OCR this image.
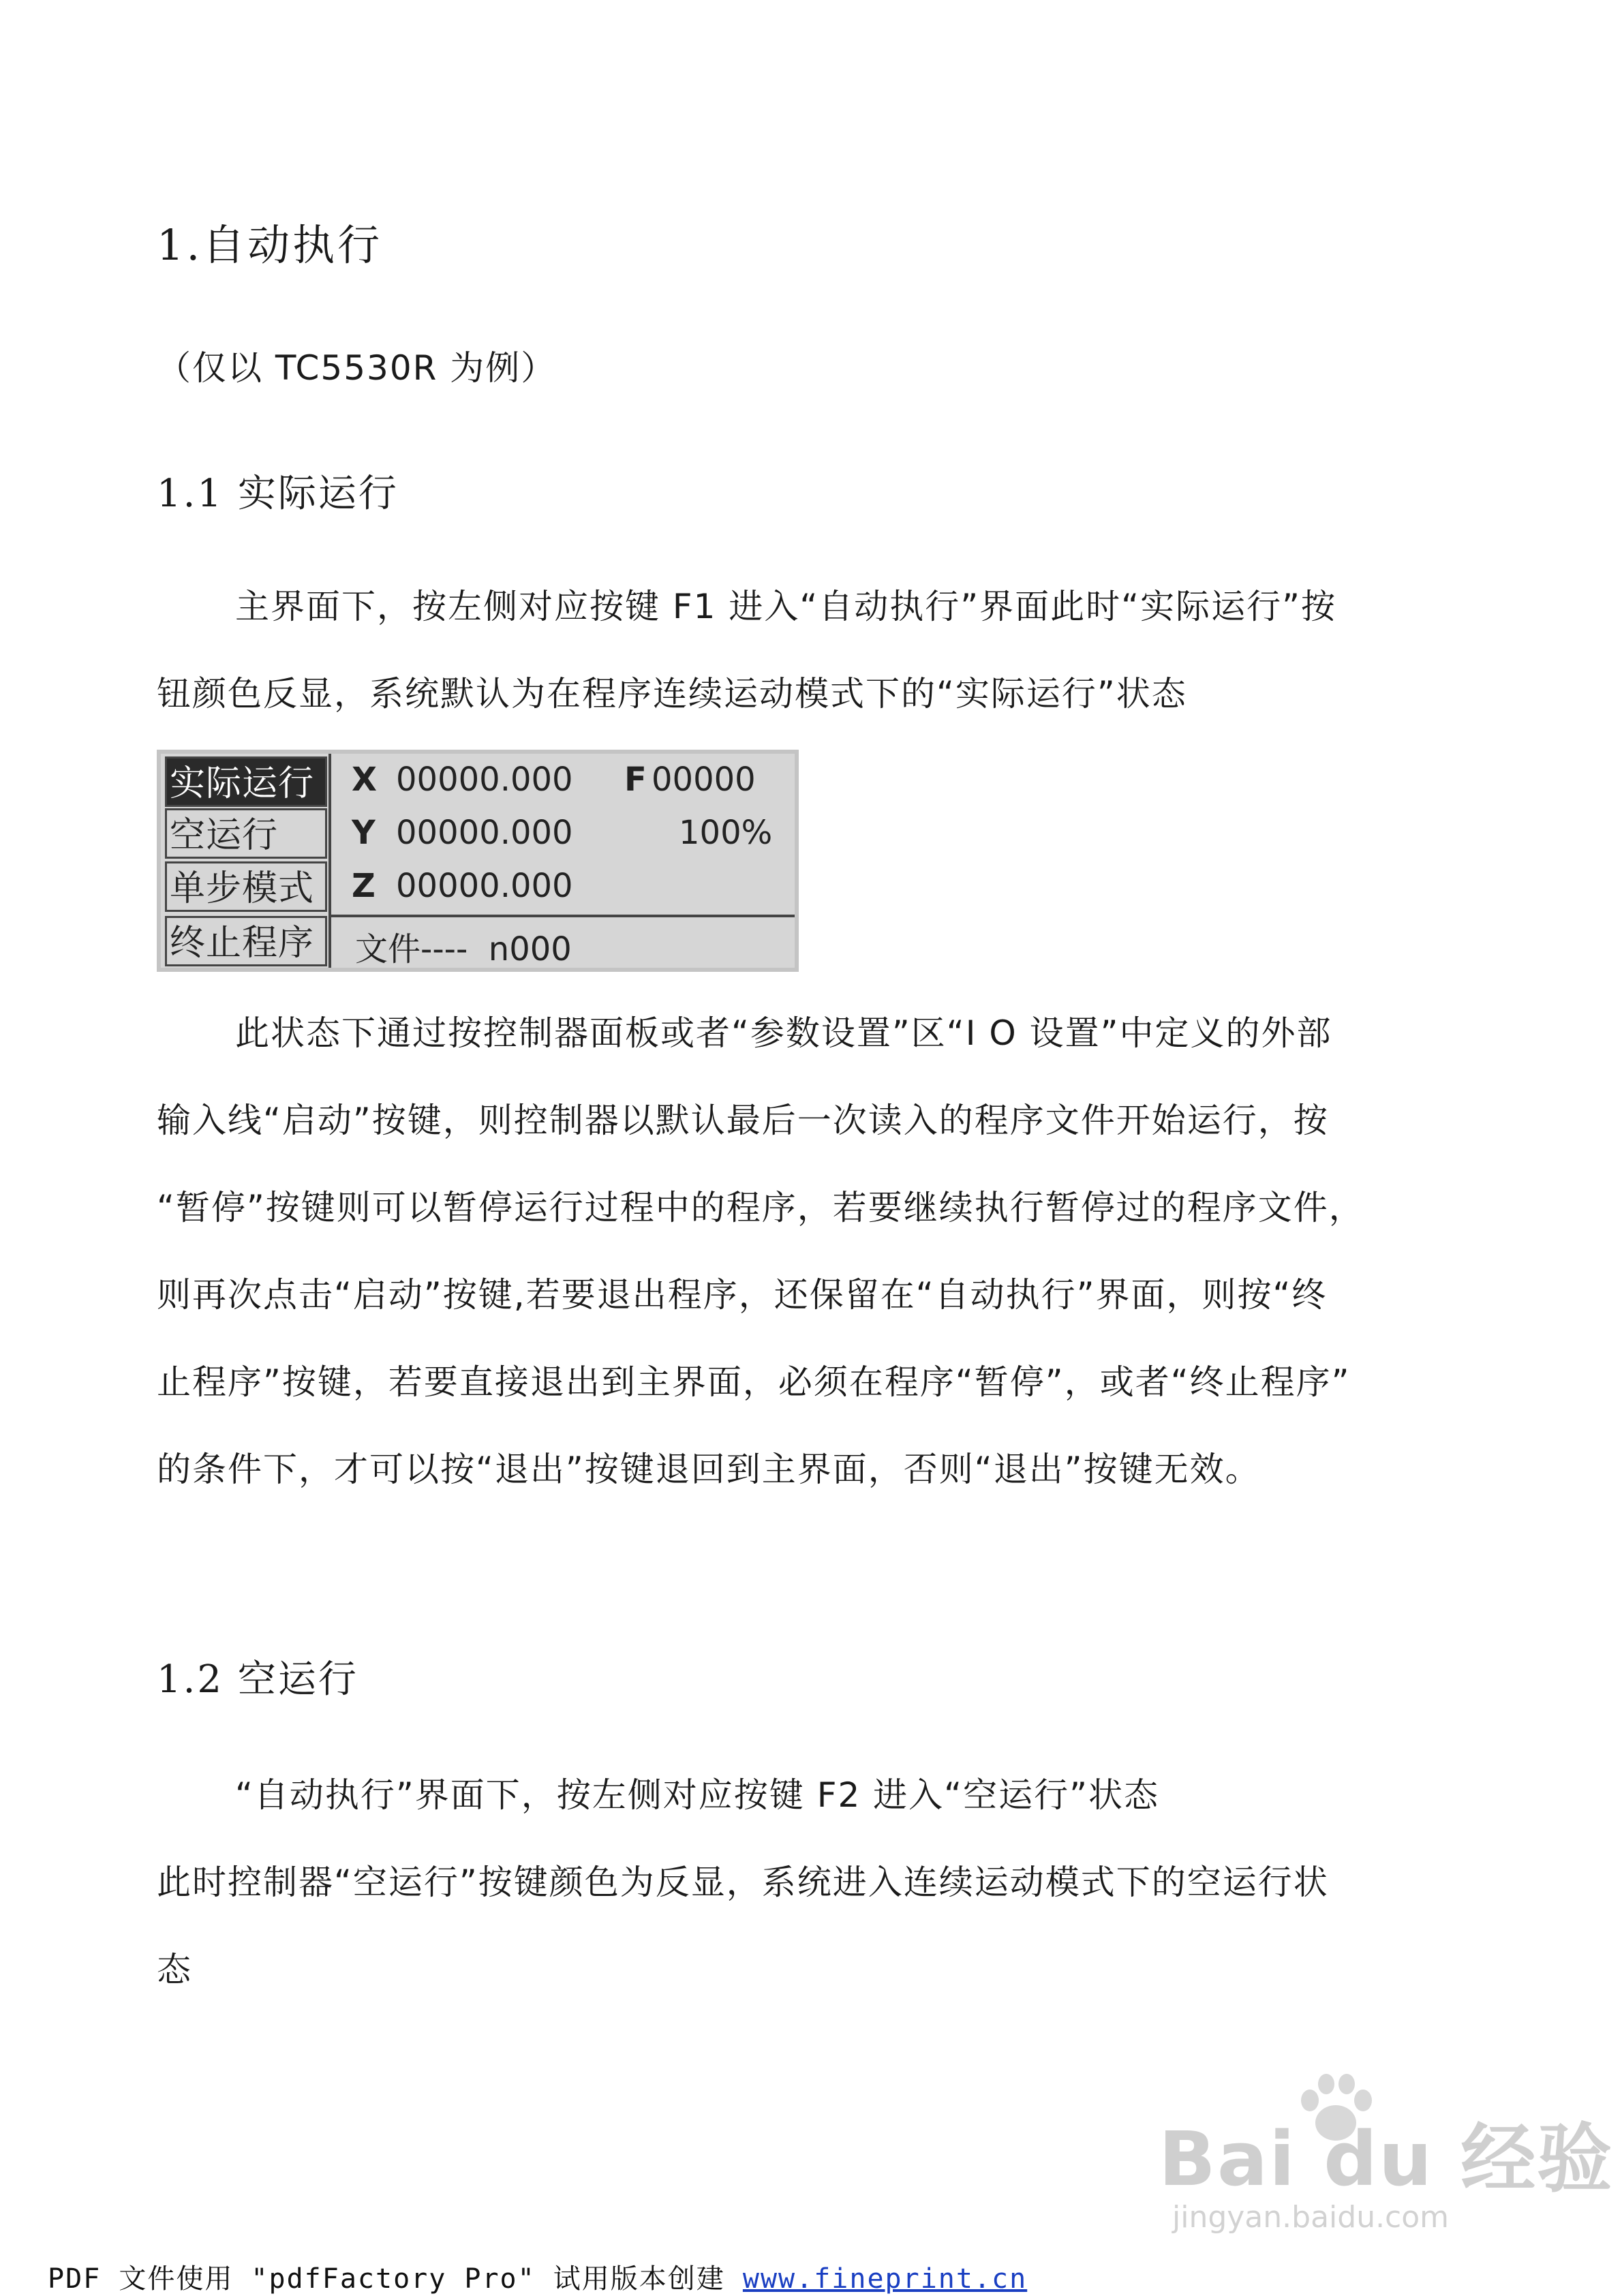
1.自动执行
（仅以 TC5530R 为例）
1.1 实际运行

主界面下，按左侧对应按键 F1 进入“自动执行”界面此时“实际运行”按

钮颜色反显，系统默认为在程序连续运动模式下的“实际运行”状态

实际运行
空运行
单步模式
终止程序
X 00000.000 F 00000
Y 00000.000	100%
Z 00000.000
文件----  n000

此状态下通过按控制器面板或者“参数设置”区“I O 设置”中定义的外部

输入线“启动”按键，则控制器以默认最后一次读入的程序文件开始运行，按

“暂停”按键则可以暂停运行过程中的程序，若要继续执行暂停过的程序文件，

则再次点击“启动”按键,若要退出程序，还保留在“自动执行”界面，则按“终

止程序”按键，若要直接退出到主界面，必须在程序“暂停”，或者“终止程序”

的条件下，才可以按“退出”按键退回到主界面，否则“退出”按键无效。

1.2 空运行

“自动执行”界面下，按左侧对应按键 F2 进入“空运行”状态

此时控制器“空运行”按键颜色为反显，系统进入连续运动模式下的空运行状

态

Bai du 经验
jingyan.baidu.com
PDF 文件使用 "pdfFactory Pro" 试用版本创建 www.fineprint.cn
